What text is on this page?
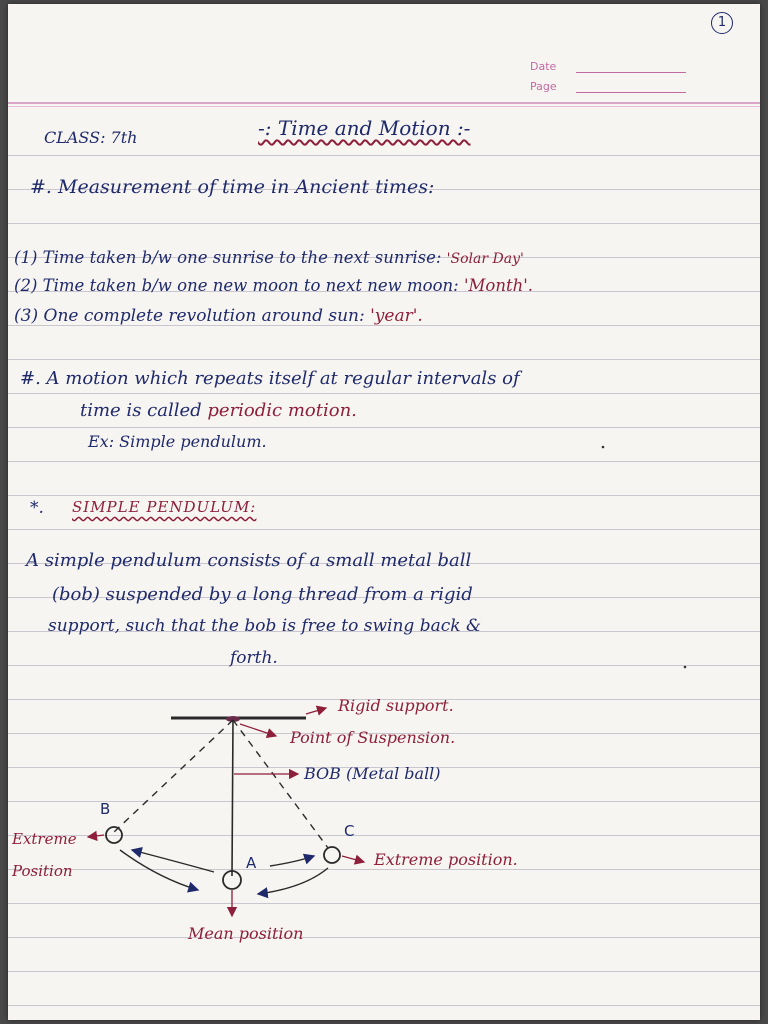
1
Date
Page
CLASS: 7th	-: Time and Motion :-
#. Measurement of time in Ancient times:
(1) Time taken b/w one sunrise to the next sunrise: 'Solar Day'
(2) Time taken b/w one new moon to next new moon: 'Month'.
(3) One complete revolution around sun: 'year'.
#. A motion which repeats itself at regular intervals of
time is called periodic motion.
Ex: Simple pendulum.
*. SIMPLE PENDULUM:
A simple pendulum consists of a small metal ball
(bob) suspended by a long thread from a rigid
support, such that the bob is free to swing back &
forth.
Rigid support.
Point of Suspension.
BOB (Metal ball)
B
A
C
Extreme
Position
Extreme position.
Mean position
